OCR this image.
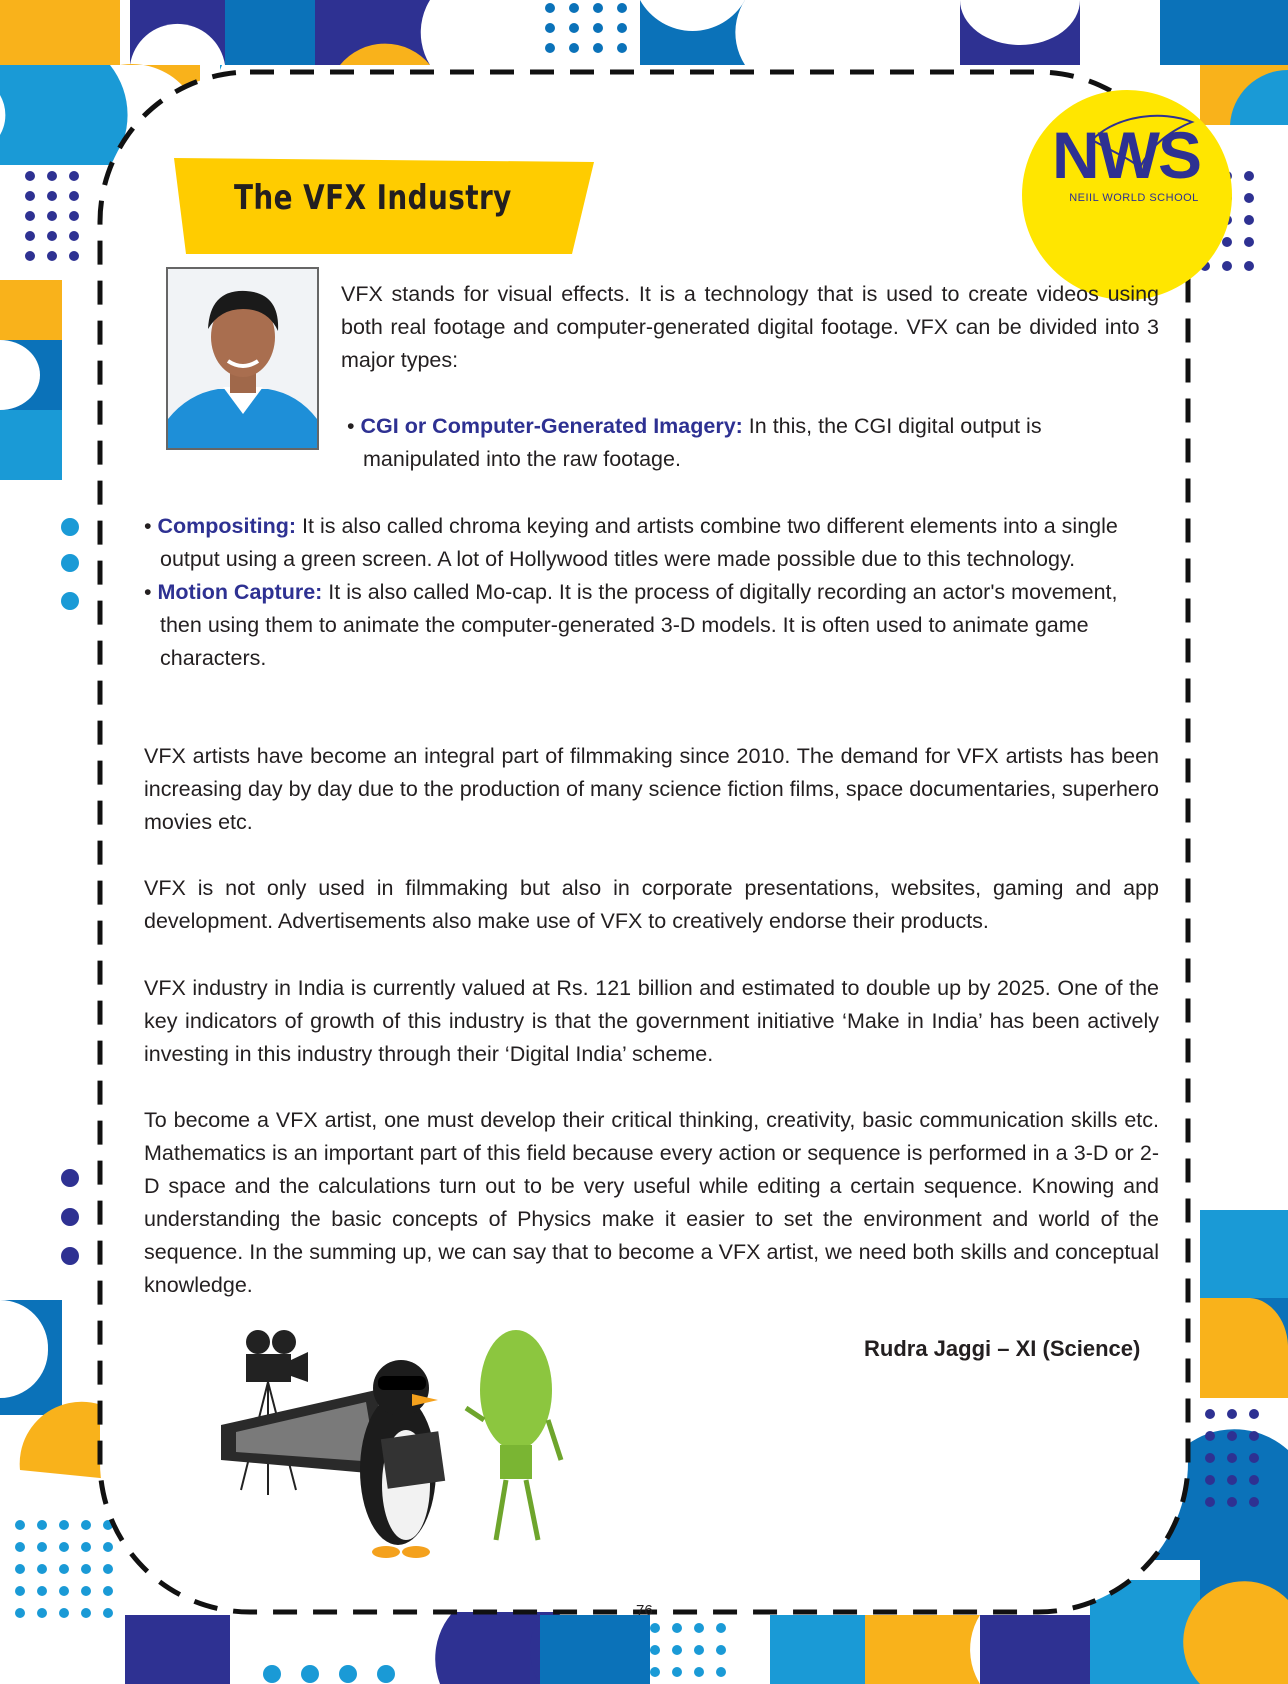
The VFX Industry
NWS
NEIIL WORLD SCHOOL
VFX stands for visual effects. It is a technology that is used to create videos using both real footage and computer-generated digital footage. VFX can be divided into 3 major types:
• CGI or Computer-Generated Imagery: In this, the CGI digital output is manipulated into the raw footage.
• Compositing: It is also called chroma keying and artists combine two different elements into a single output using a green screen. A lot of Hollywood titles were made possible due to this technology.
• Motion Capture: It is also called Mo-cap. It is the process of digitally recording an actor's movement, then using them to animate the computer-generated 3-D models. It is often used to animate game characters.
VFX artists have become an integral part of filmmaking since 2010. The demand for VFX artists has been increasing day by day due to the production of many science fiction films, space documentaries, superhero movies etc.
VFX is not only used in filmmaking but also in corporate presentations, websites, gaming and app development. Advertisements also make use of VFX to creatively endorse their products.
VFX industry in India is currently valued at Rs. 121 billion and estimated to double up by 2025. One of the key indicators of growth of this industry is that the government initiative ‘Make in India’ has been actively investing in this industry through their ‘Digital India’ scheme.
To become a VFX artist, one must develop their critical thinking, creativity, basic communication skills etc. Mathematics is an important part of this field because every action or sequence is performed in a 3-D or 2-D space and the calculations turn out to be very useful while editing a certain sequence. Knowing and understanding the basic concepts of Physics make it easier to set the environment and world of the sequence. In the summing up, we can say that to become a VFX artist, we need both skills and conceptual knowledge.
Rudra Jaggi – XI (Science)
76
